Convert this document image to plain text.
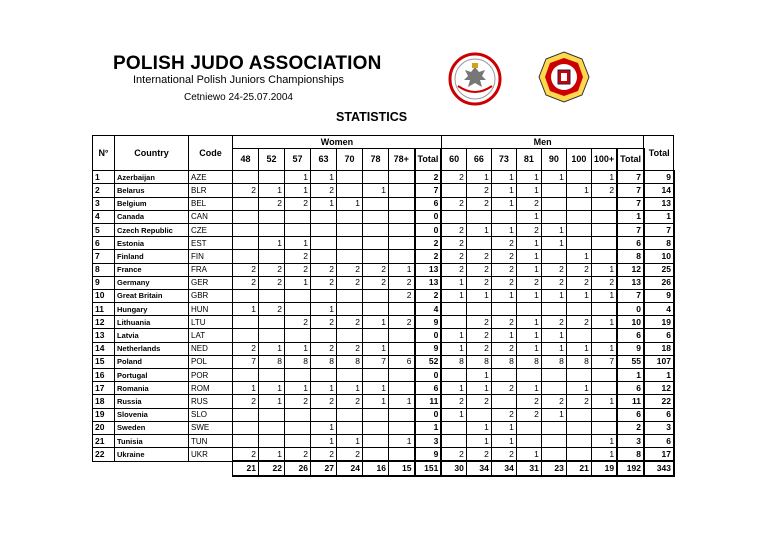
POLISH JUDO ASSOCIATION
International Polish Juniors Championships
Cetniewo 24-25.07.2004
STATISTICS
N°	Country	Code	Women								Men								Total
			48	52	57	63	70	78	78+	Total	60	66	73	81	90	100	100+	Total	
1	Azerbaijan	AZE			1	1				2	2	1	1	1	1		1	7	9
2	Belarus	BLR	2	1	1	2		1		7		2	1	1		1	2	7	14
3	Belgium	BEL		2	2	1	1			6	2	2	1	2				7	13
4	Canada	CAN								0				1				1	1
5	Czech Republic	CZE								0	2	1	1	2	1			7	7
6	Estonia	EST		1	1					2	2		2	1	1			6	8
7	Finland	FIN			2					2	2	2	2	1		1		8	10
8	France	FRA	2	2	2	2	2	2	1	13	2	2	2	1	2	2	1	12	25
9	Germany	GER	2	2	1	2	2	2	2	13	1	2	2	2	2	2	2	13	26
10	Great Britain	GBR							2	2	1	1	1	1	1	1	1	7	9
11	Hungary	HUN	1	2		1				4								0	4
12	Lithuania	LTU			2	2	2	1	2	9		2	2	1	2	2	1	10	19
13	Latvia	LAT								0	1	2	1	1	1			6	6
14	Netherlands	NED	2	1	1	2	2	1		9	1	2	2	1	1	1	1	9	18
15	Poland	POL	7	8	8	8	8	7	6	52	8	8	8	8	8	8	7	55	107
16	Portugal	POR								0		1						1	1
17	Romania	ROM	1	1	1	1	1	1		6	1	1	2	1		1		6	12
18	Russia	RUS	2	1	2	2	2	1	1	11	2	2		2	2	2	1	11	22
19	Slovenia	SLO								0	1		2	2	1			6	6
20	Sweden	SWE				1				1		1	1					2	3
21	Tunisia	TUN				1	1		1	3		1	1				1	3	6
22	Ukraine	UKR	2	1	2	2	2			9	2	2	2	1			1	8	17
			21	22	26	27	24	16	15	151	30	34	34	31	23	21	19	192	343
